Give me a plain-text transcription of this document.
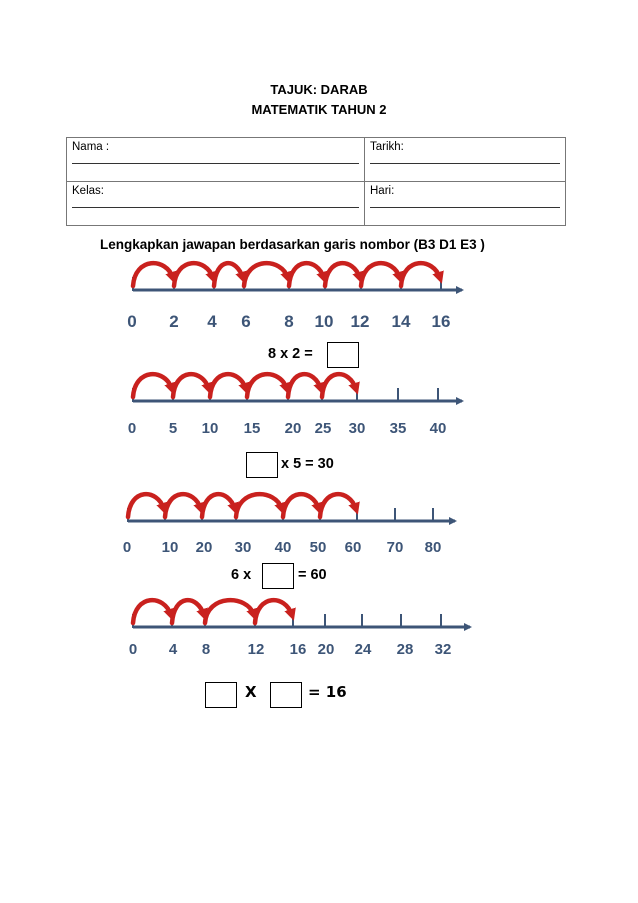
TAJUK: DARAB
MATEMATIK TAHUN 2
Nama :	Tarikh:

Kelas:	Hari:
Lengkapkan jawapan berdasarkan garis nombor (B3 D1 E3 )
0 2 4 6 8 10 12 14 16
0 5 10 15 20 25 30 35 40
0 10 20 30 40 50 60 70 80
0 4 8 12 16 20 24 28 32
8 x 2 =
x 5 = 30
6 x	= 60
X	= 16
